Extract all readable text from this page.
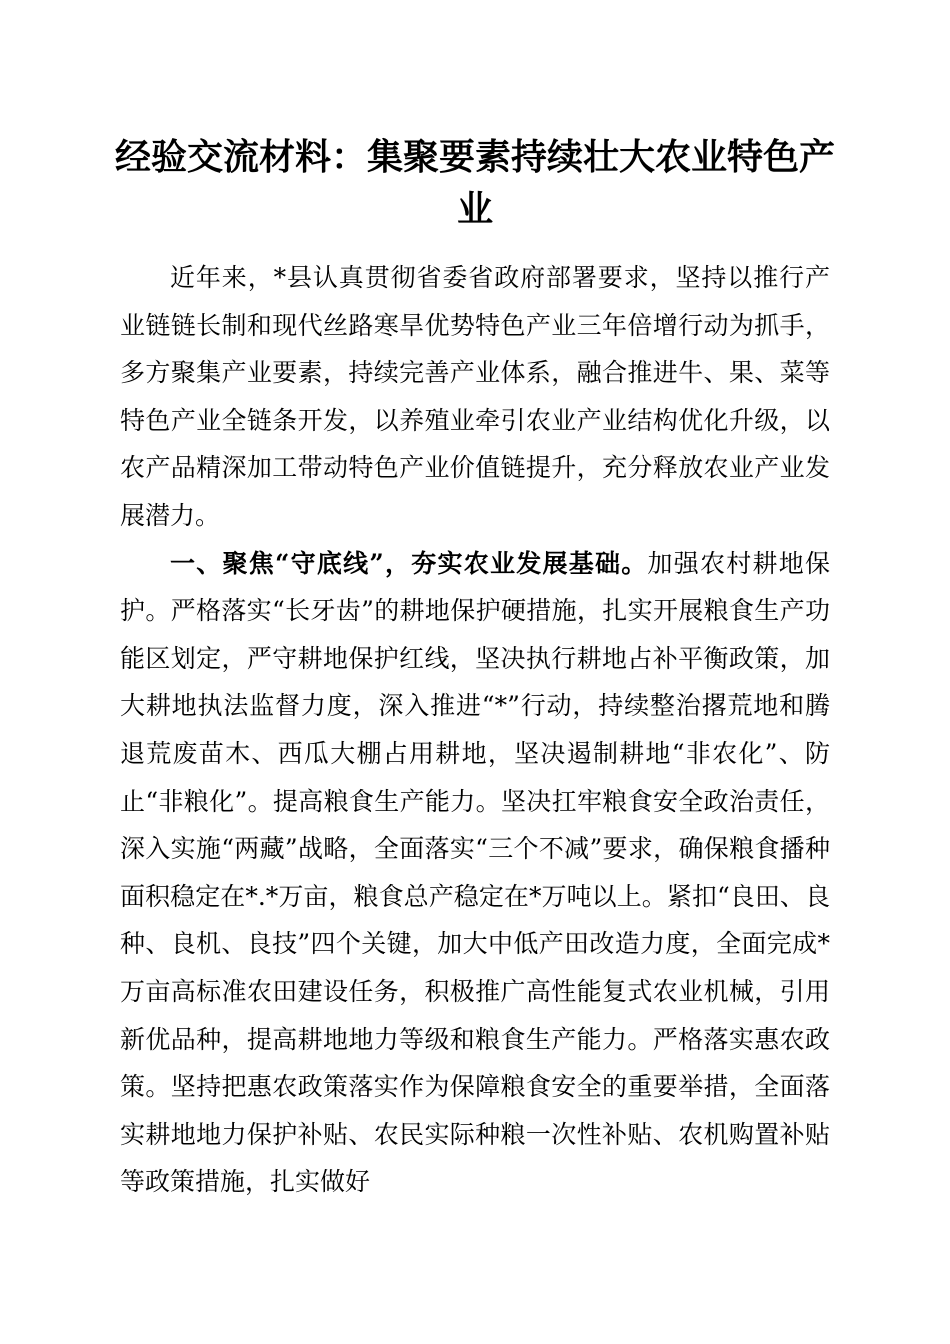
经验交流材料：集聚要素持续壮大农业特色产业

近年来，*县认真贯彻省委省政府部署要求，坚持以推行产业链链长制和现代丝路寒旱优势特色产业三年倍增行动为抓手，多方聚集产业要素，持续完善产业体系，融合推进牛、果、菜等特色产业全链条开发，以养殖业牵引农业产业结构优化升级，以农产品精深加工带动特色产业价值链提升，充分释放农业产业发展潜力。

一、聚焦“守底线”，夯实农业发展基础。加强农村耕地保护。严格落实“长牙齿”的耕地保护硬措施，扎实开展粮食生产功能区划定，严守耕地保护红线，坚决执行耕地占补平衡政策，加大耕地执法监督力度，深入推进“*”行动，持续整治撂荒地和腾退荒废苗木、西瓜大棚占用耕地，坚决遏制耕地“非农化”、防止“非粮化”。提高粮食生产能力。坚决扛牢粮食安全政治责任，深入实施“两藏”战略，全面落实“三个不减”要求，确保粮食播种面积稳定在*.*万亩，粮食总产稳定在*万吨以上。紧扣“良田、良种、良机、良技”四个关键，加大中低产田改造力度，全面完成*万亩高标准农田建设任务，积极推广高性能复式农业机械，引用新优品种，提高耕地地力等级和粮食生产能力。严格落实惠农政策。坚持把惠农政策落实作为保障粮食安全的重要举措，全面落实耕地地力保护补贴、农民实际种粮一次性补贴、农机购置补贴等政策措施，扎实做好
